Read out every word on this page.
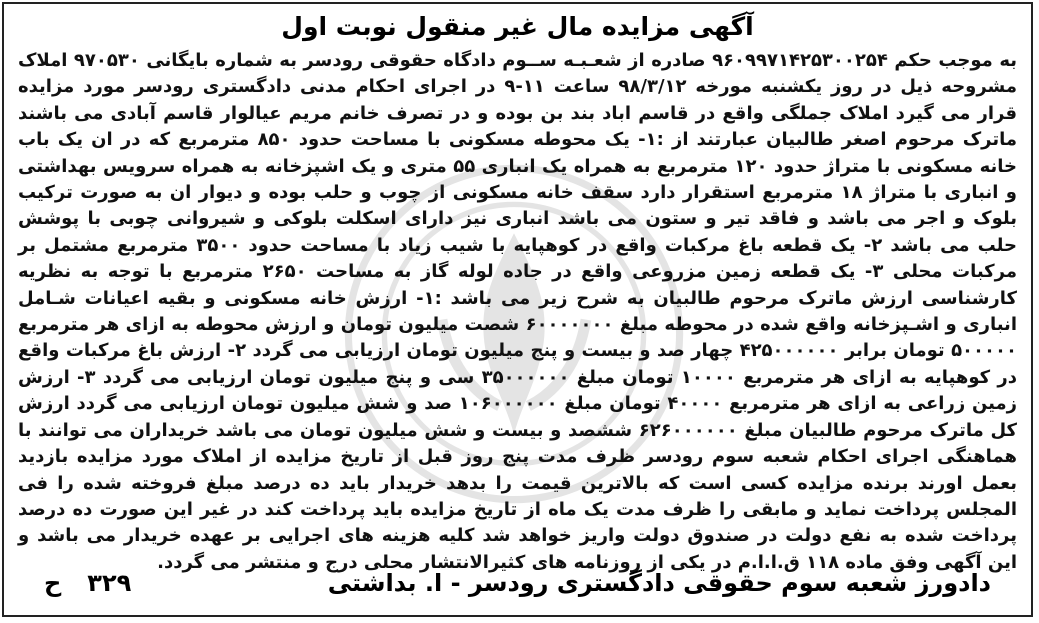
آگهی مزایده مال غیر منقول نوبت اول
به موجب حکم ۹۶۰۹۹۷۱۴۲۵۳۰۰۲۵۴ صادره از شعـبـه ســوم دادگاه حقوقی رودسر به شماره بایگانی ۹۷۰۵۳۰ املاک مشروحه ذیل در روز یکشنبه مورخه ۹۸/۳/۱۲ ساعت ۱۱-۹ در اجرای احکام مدنی دادگستری رودسر مورد مزایده قرار می گیرد املاک جملگی واقع در قاسم اباد بند بن بوده و در تصرف خانم مریم عیالوار قاسم آبادی می باشند ماترک مرحوم اصغر طالبیان عبارتند از :۱- یک محوطه مسکونی با مساحت حدود ۸۵۰ مترمربع که در ان یک باب خانه مسکونی با متراژ حدود ۱۲۰ مترمربع به همراه یک انباری ۵۵ متری و یک اشپزخانه به همراه سرویس بهداشتی و انباری با متراژ ۱۸ مترمربع استقرار دارد سقف خانه مسکونی از چوب و حلب بوده و دیوار ان به صورت ترکیب بلوک و اجر می باشد و فاقد تیر و ستون می باشد انباری نیز دارای اسکلت بلوکی و شیروانی چوبی با پوشش حلب می باشد ۲- یک قطعه باغ مرکبات واقع در کوهپایه با شیب زیاد با مساحت حدود ۳۵۰۰ مترمربع مشتمل بر مرکبات محلی ۳- یک قطعه زمین مزروعی واقع در جاده لوله گاز به مساحت ۲۶۵۰ مترمربع با توجه به نظریه کارشناسی ارزش ماترک مرحوم طالبیان به شرح زیر می باشد :۱- ارزش خانه مسکونی و بقیه اعیانات شـامل انباری و اشـپزخانه واقع شده در محوطه مبلغ ۶۰۰۰۰۰۰۰ شصت میلیون تومان و ارزش محوطه به ازای هر مترمربع ۵۰۰۰۰۰ تومان برابر ۴۲۵۰۰۰۰۰۰ چهار صد و بیست و پنج میلیون تومان ارزیابی می گردد ۲- ارزش باغ مرکبات واقع در کوهپایه به ازای هر مترمربع ۱۰۰۰۰ تومان مبلغ ۳۵۰۰۰۰۰۰ سی و پنج میلیون تومان ارزیابی می گردد ۳- ارزش زمین زراعی به ازای هر مترمربع ۴۰۰۰۰ تومان مبلغ ۱۰۶۰۰۰۰۰۰ صد و شش میلیون تومان ارزیابی می گردد ارزش کل ماترک مرحوم طالبیان مبلغ ۶۲۶۰۰۰۰۰۰ ششصد و بیست و شش میلیون تومان می باشد خریداران می توانند با هماهنگی اجرای احکام شعبه سوم رودسر ظرف مدت پنج روز قبل از تاریخ مزایده از املاک مورد مزایده بازدید بعمل اورند برنده مزایده کسی است که بالاترین قیمت را بدهد خریدار باید ده درصد مبلغ فروخته شده را فی المجلس پرداخت نماید و مابقی را ظرف مدت یک ماه از تاریخ مزایده باید پرداخت کند در غیر این صورت ده درصد پرداخت شده به نفع دولت در صندوق دولت واریز خواهد شد کلیه هزینه های اجرایی بر عهده خریدار می باشد و این آگهی وفق ماده ۱۱۸ ق.ا.ا.م در یکی از روزنامه های کثیرالانتشار محلی درج و منتشر می گردد.
دادورز شعبه سوم حقوقی دادگستری رودسر - ا. بداشتی
۳۲۹
ح
